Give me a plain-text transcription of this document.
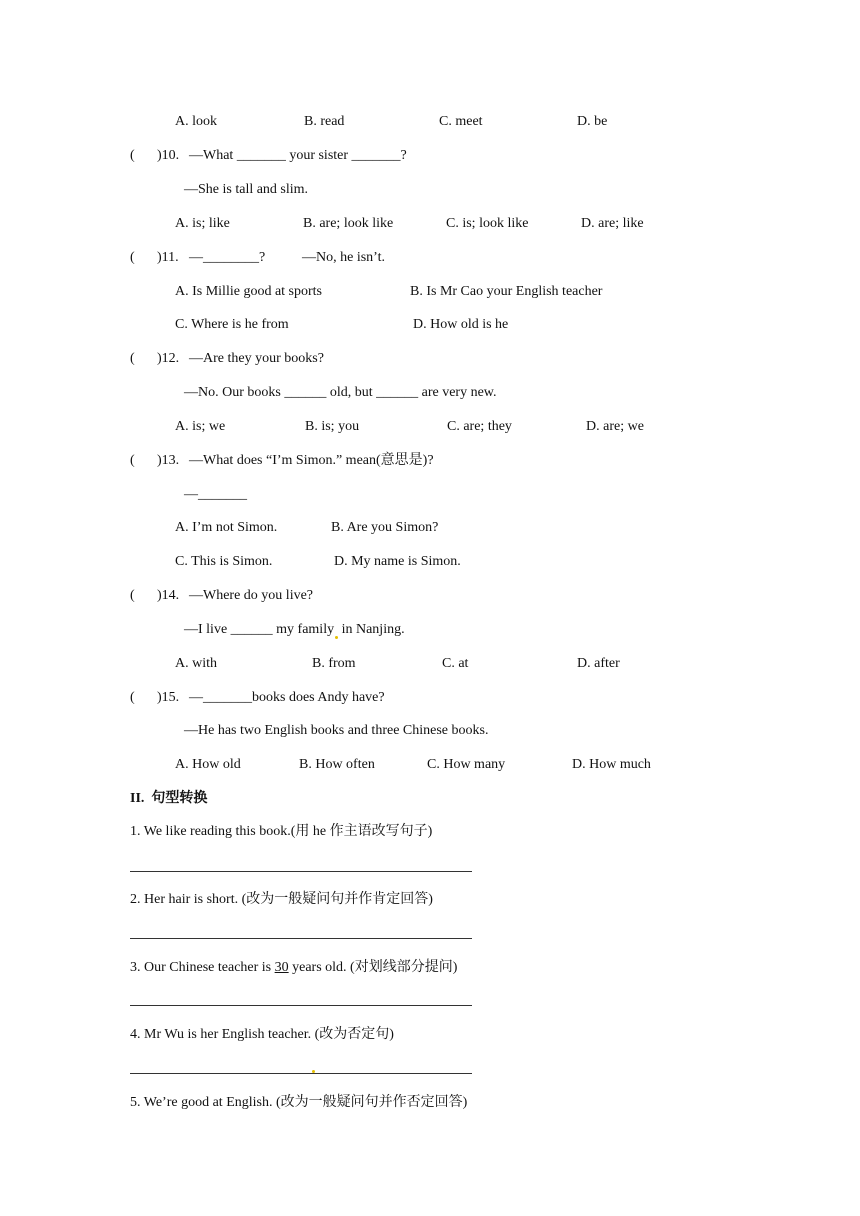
A. look	B. read	C. meet	D. be
( )10. —What _______ your sister _______?
—She is tall and slim.
A. is; like	B. are; look like	C. is; look like	D. are; like
( )11. —________?	—No, he isn’t.
A. Is Millie good at sports	B. Is Mr Cao your English teacher
C. Where is he from	D. How old is he
( )12. —Are they your books?
—No. Our books ______ old, but ______ are very new.
A. is; we	B. is; you	C. are; they	D. are; we
( )13. —What does “I’m Simon.” mean(意思是)?
—_______
A. I’m not Simon.	B. Are you Simon?
C. This is Simon.	D. My name is Simon.
( )14. —Where do you live?
—I live ______ my family in Nanjing.
A. with	B. from	C. at	D. after
( )15. —_______books does Andy have?
—He has two English books and three Chinese books.
A. How old	B. How often	C. How many	D. How much
II.  句型转换
1. We like reading this book.(用 he 作主语改写句子)
2. Her hair is short. (改为一般疑问句并作肯定回答)
3. Our Chinese teacher is 30 years old. (对划线部分提问)
4. Mr Wu is her English teacher. (改为否定句)
5. We’re good at English. (改为一般疑问句并作否定回答)
